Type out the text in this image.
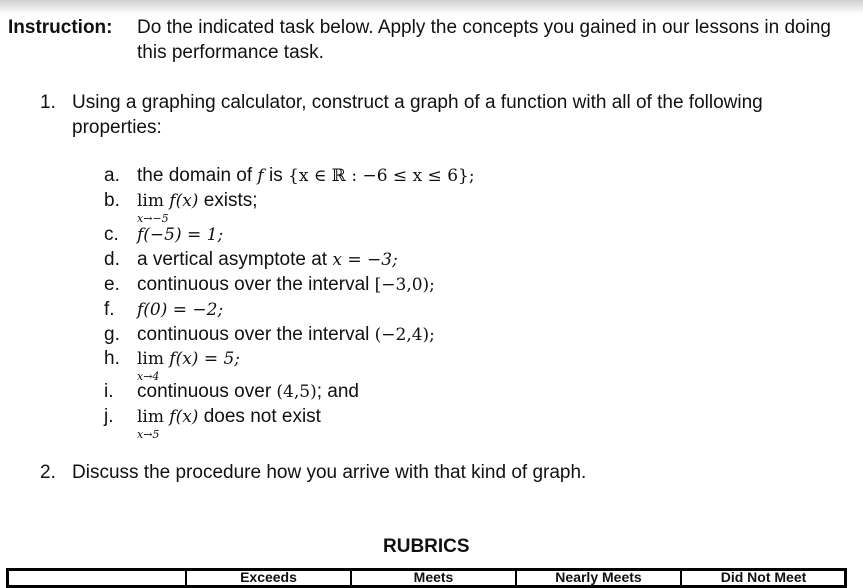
Instruction: Do the indicated task below. Apply the concepts you gained in our lessons in doing
this performance task.
1. Using a graphing calculator, construct a graph of a function with all of the following
properties:
a. the domain of f is {x ∈ ℝ : −6 ≤ x ≤ 6};
b. lim
x→−5
f(x) exists;
c. f(−5) = 1;
d. a vertical asymptote at x = −3;
e. continuous over the interval [−3,0);
f. f(0) = −2;
g. continuous over the interval (−2,4);
h. lim
x→4
f(x) = 5;
i. continuous over (4,5); and
j. lim
x→5
f(x) does not exist
2. Discuss the procedure how you arrive with that kind of graph.
RUBRICS
Exceeds	Meets	Nearly Meets	Did Not Meet
